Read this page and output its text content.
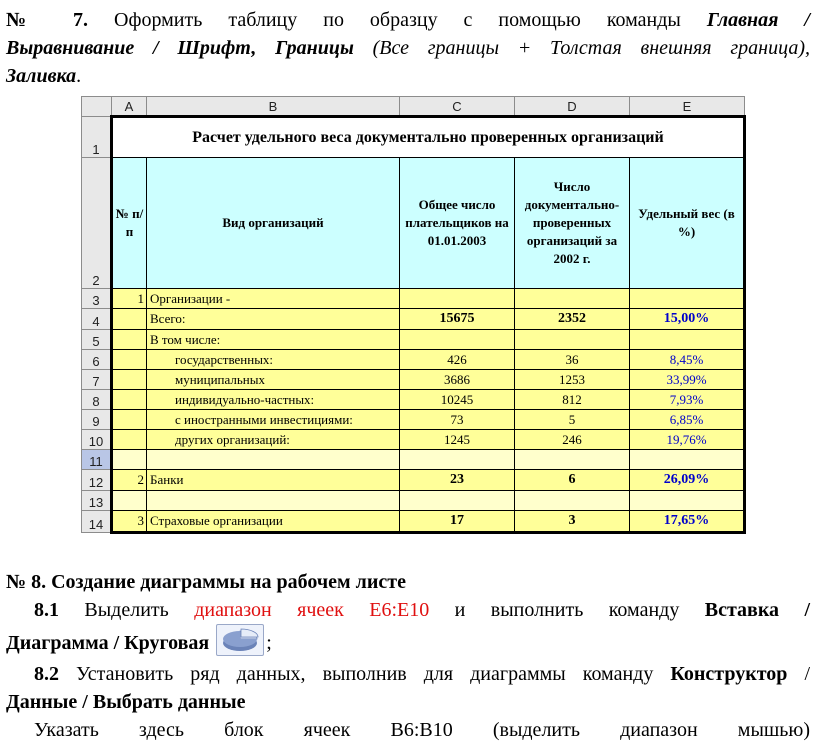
№ 7. Оформить таблицу по образцу с помощью команды Главная /

Выравнивание / Шрифт, Границы (Все границы + Толстая внешняя граница),

Заливка.

	A	B	C	D	E
1	Расчет удельного веса документально проверенных организаций				
2	№ п/п	Вид организаций	Общее число плательщиков на 01.01.2003	Число документально-проверенных организаций за 2002 г.	Удельный вес (в %)
3	1	Организации -			
4		Всего:	15675	2352	15,00%
5		В том числе:			
6		государственных:	426	36	8,45%
7		муниципальных	3686	1253	33,99%
8		индивидуально-частных:	10245	812	7,93%
9		с иностранными инвестициями:	73	5	6,85%
10		других организаций:	1245	246	19,76%
11					
12	2	Банки	23	6	26,09%
13					
14	3	Страховые организации	17	3	17,65%

№ 8. Создание диаграммы на рабочем листе

8.1 Выделить диапазон ячеек Е6:Е10 и выполнить команду Вставка /

Диаграмма / Круговая	;

8.2 Установить ряд данных, выполнив для диаграммы команду Конструктор /

Данные / Выбрать данные

Указать здесь блок ячеек В6:В10 (выделить диапазон мышью)
